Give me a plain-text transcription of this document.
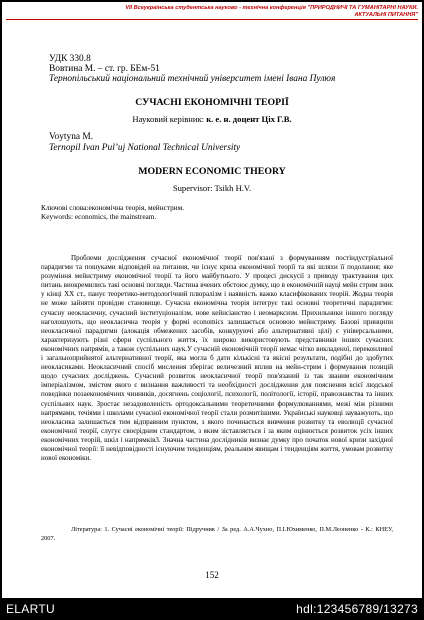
VII Всеукраїнська студентська науково - технічна конференція "ПРИРОДНИЧІ ТА ГУМАНІТАРНІ НАУКИ.
АКТУАЛЬНІ ПИТАННЯ"
УДК 330.8
Вовтина М. – ст. гр. БЕм-51
Тернопільський національний технічний університет імені Івана Пулюя
СУЧАСНІ ЕКОНОМІЧНІ ТЕОРІЇ
Науковий керівник: к. е. н. доцент Ціх Г.В.
Voytyna M.
Ternopil Ivan Pul’uj National Technical University
MODERN ECONOMIC THEORY
Supervisor: Tsikh H.V.
Ключові слова:економічна теорія, мейнстрим.
Keywords: economics, the mainstream.

Проблеми дослідження сучасної економічної теорії пов'язані з формуванням постіндустріальної парадигми та пошуками відповідей на питання, чи існує криза економічної теорії та які шляхи її подолання; яке розуміння мейнстриму економічної теорії та його майбутнього. У процесі дискусії з приводу трактування цих питань виокремились такі основні погляди. Частина вчених обстоює думку, що в економічній науці мейн стрим зник у кінці XX ст., панує теоретико-методологічний плюралізм і наявність важко класифікованих теорій. Жодна теорія не може зайняти провідне становище. Сучасна економічна теорія інтегрує такі основні теоретичні парадигми: сучасну неокласичну, сучасний інституціоналізм, нове кейнсіанство і неомарксизм. Прихильники іншого погляду наголошують, що неокласична теорія у формі economics залишається основою мейнстриму. Базові принципи неокласичної парадигми (алокація обмежених засобів, конкуруючі або альтернативні цілі) є універсальними, характеризують різні сфери суспільного життя, їх широко використовують представники інших сучасних економічних напрямів, а також суспільних наук.У сучасній економічній теорії немає чітко викладеної, переконливої і загальноприйнятої альтернативної теорії, яка могла б дати кількісні та якісні результати, подібні до здобутих неокласиками. Неокласичний спосіб мислення зберігає величезний вплив на мейн-стрим і формування позицій щодо сучасних досліджень. Сучасний розвиток неокласичної теорії пов'язаний із так званим економічним імперіалізмом, змістом якого є визнання важливості та необхідності дослідження для пояснення всієї людської поведінки позаекономічних чинників, досягнень соціології, психології, політології, історії, правознавства та інших суспільних наук. Зростає незадоволеність ортодоксальними теоретичними формулюваннями, межі між різними напрямами, течіями і школами сучасної економічної теорії стали розмитішими. Українські науковці зауважують, що неокласика залишається тим відправним пунктом, з якого починається вивчення розвитку та еволюції сучасної економічної теорії, слугує своєрідним стандартом, з яким зіставляється і за яким оцінюється розвиток усіх інших економічних теорій, шкіл і напрямків3. Значна частина дослідників визнає думку про початок нової кризи західної економічної теорії: її невідповідності існуючим тенденціям, реальним явищам і тенденціям життя, умовам розвитку нової економіки.

Література: 1. Сучасні економічні теорії: Підручник / За ред. А.А.Чухно, П.І.Юхименко, П.М.Леоненко - К.: КНЕУ, 2007.

152
ELARTU	hdl:123456789/13273
